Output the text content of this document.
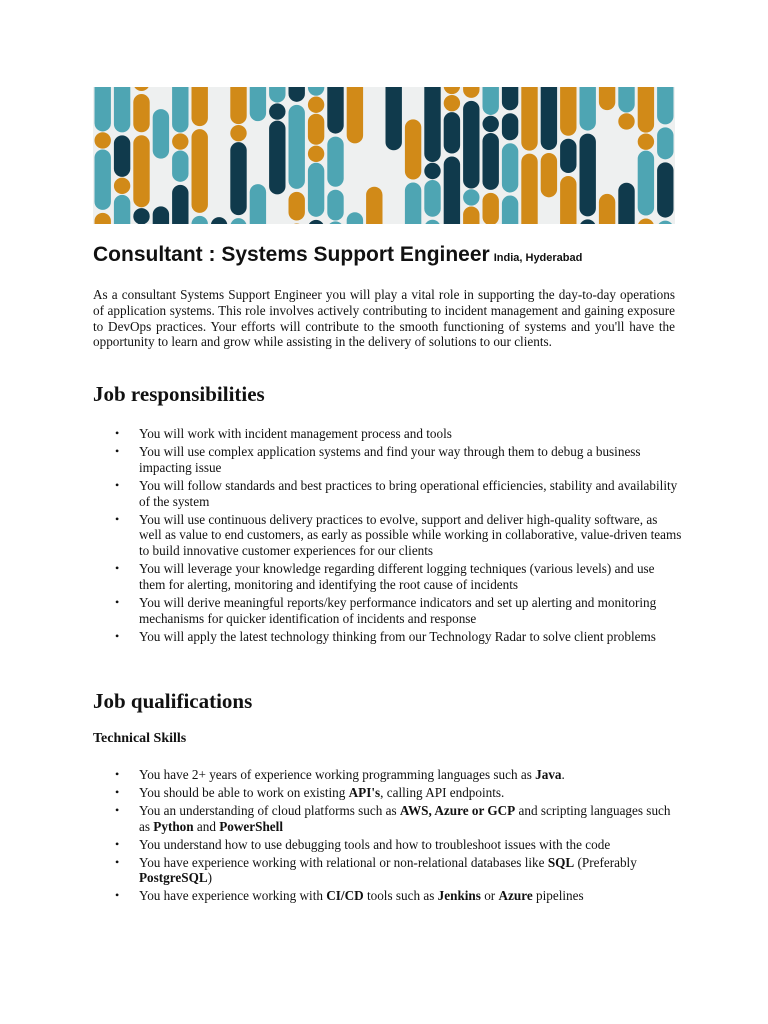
Consultant : Systems Support Engineer India, Hyderabad

As a consultant Systems Support Engineer you will play a vital role in supporting the day-to-day operations of application systems. This role involves actively contributing to incident management and gaining exposure to DevOps practices. Your efforts will contribute to the smooth functioning of systems and you'll have the opportunity to learn and grow while assisting in the delivery of solutions to our clients.

Job responsibilities
• You will work with incident management process and tools
• You will use complex application systems and find your way through them to debug a business impacting issue
• You will follow standards and best practices to bring operational efficiencies, stability and availability of the system
• You will use continuous delivery practices to evolve, support and deliver high-quality software, as well as value to end customers, as early as possible while working in collaborative, value-driven teams to build innovative customer experiences for our clients
• You will leverage your knowledge regarding different logging techniques (various levels) and use them for alerting, monitoring and identifying the root cause of incidents
• You will derive meaningful reports/key performance indicators and set up alerting and monitoring mechanisms for quicker identification of incidents and response
• You will apply the latest technology thinking from our Technology Radar to solve client problems
Job qualifications
Technical Skills
• You have 2+ years of experience working programming languages such as Java.
• You should be able to work on existing API's, calling API endpoints.
• You an understanding of cloud platforms such as AWS, Azure or GCP and scripting languages such as Python and PowerShell
• You understand how to use debugging tools and how to troubleshoot issues with the code
• You have experience working with relational or non-relational databases like SQL (Preferably PostgreSQL)
• You have experience working with CI/CD tools such as Jenkins or Azure pipelines
